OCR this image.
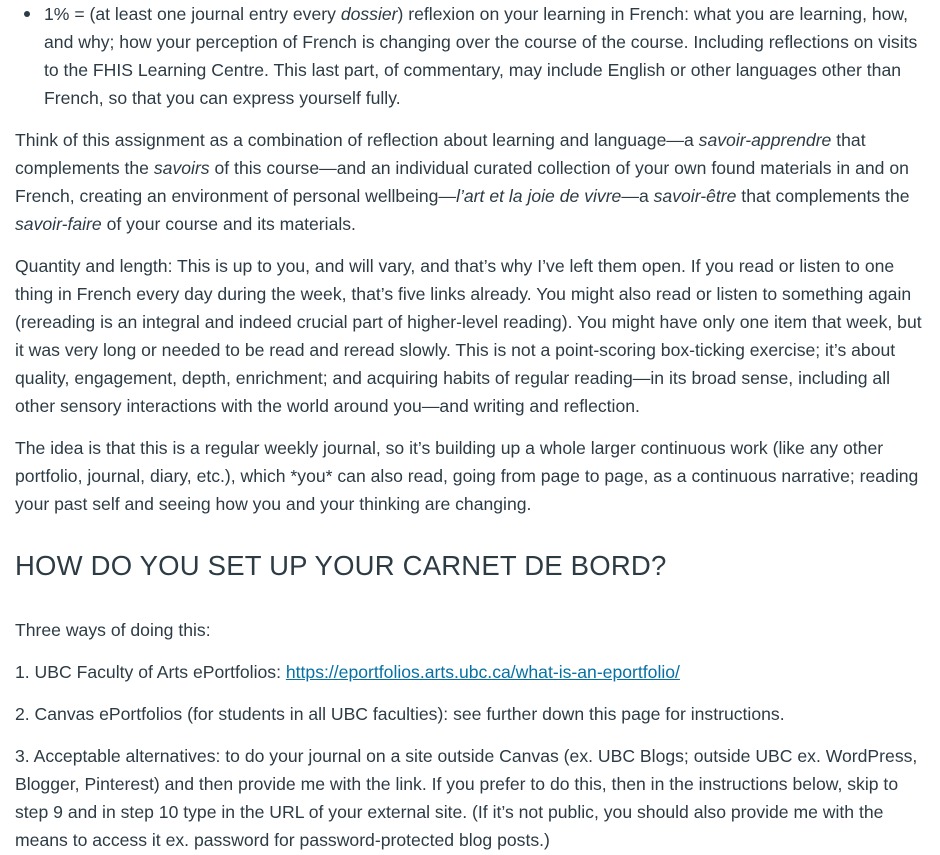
1% = (at least one journal entry every dossier) reflexion on your learning in French: what you are learning, how, and why; how your perception of French is changing over the course of the course. Including reflections on visits to the FHIS Learning Centre. This last part, of commentary, may include English or other languages other than French, so that you can express yourself fully.

Think of this assignment as a combination of reflection about learning and language—a savoir-apprendre that complements the savoirs of this course—and an individual curated collection of your own found materials in and on French, creating an environment of personal wellbeing—l’art et la joie de vivre—a savoir-être that complements the savoir-faire of your course and its materials.

Quantity and length: This is up to you, and will vary, and that’s why I’ve left them open. If you read or listen to one thing in French every day during the week, that’s five links already. You might also read or listen to something again (rereading is an integral and indeed crucial part of higher-level reading). You might have only one item that week, but it was very long or needed to be read and reread slowly. This is not a point-scoring box-ticking exercise; it’s about quality, engagement, depth, enrichment; and acquiring habits of regular reading—in its broad sense, including all other sensory interactions with the world around you—and writing and reflection.

The idea is that this is a regular weekly journal, so it’s building up a whole larger continuous work (like any other portfolio, journal, diary, etc.), which *you* can also read, going from page to page, as a continuous narrative; reading your past self and seeing how you and your thinking are changing.

HOW DO YOU SET UP YOUR CARNET DE BORD?

Three ways of doing this:

1. UBC Faculty of Arts ePortfolios: https://eportfolios.arts.ubc.ca/what-is-an-eportfolio/

2. Canvas ePortfolios (for students in all UBC faculties): see further down this page for instructions.

3. Acceptable alternatives: to do your journal on a site outside Canvas (ex. UBC Blogs; outside UBC ex. WordPress, Blogger, Pinterest) and then provide me with the link. If you prefer to do this, then in the instructions below, skip to step 9 and in step 10 type in the URL of your external site. (If it’s not public, you should also provide me with the means to access it ex. password for password-protected blog posts.)
